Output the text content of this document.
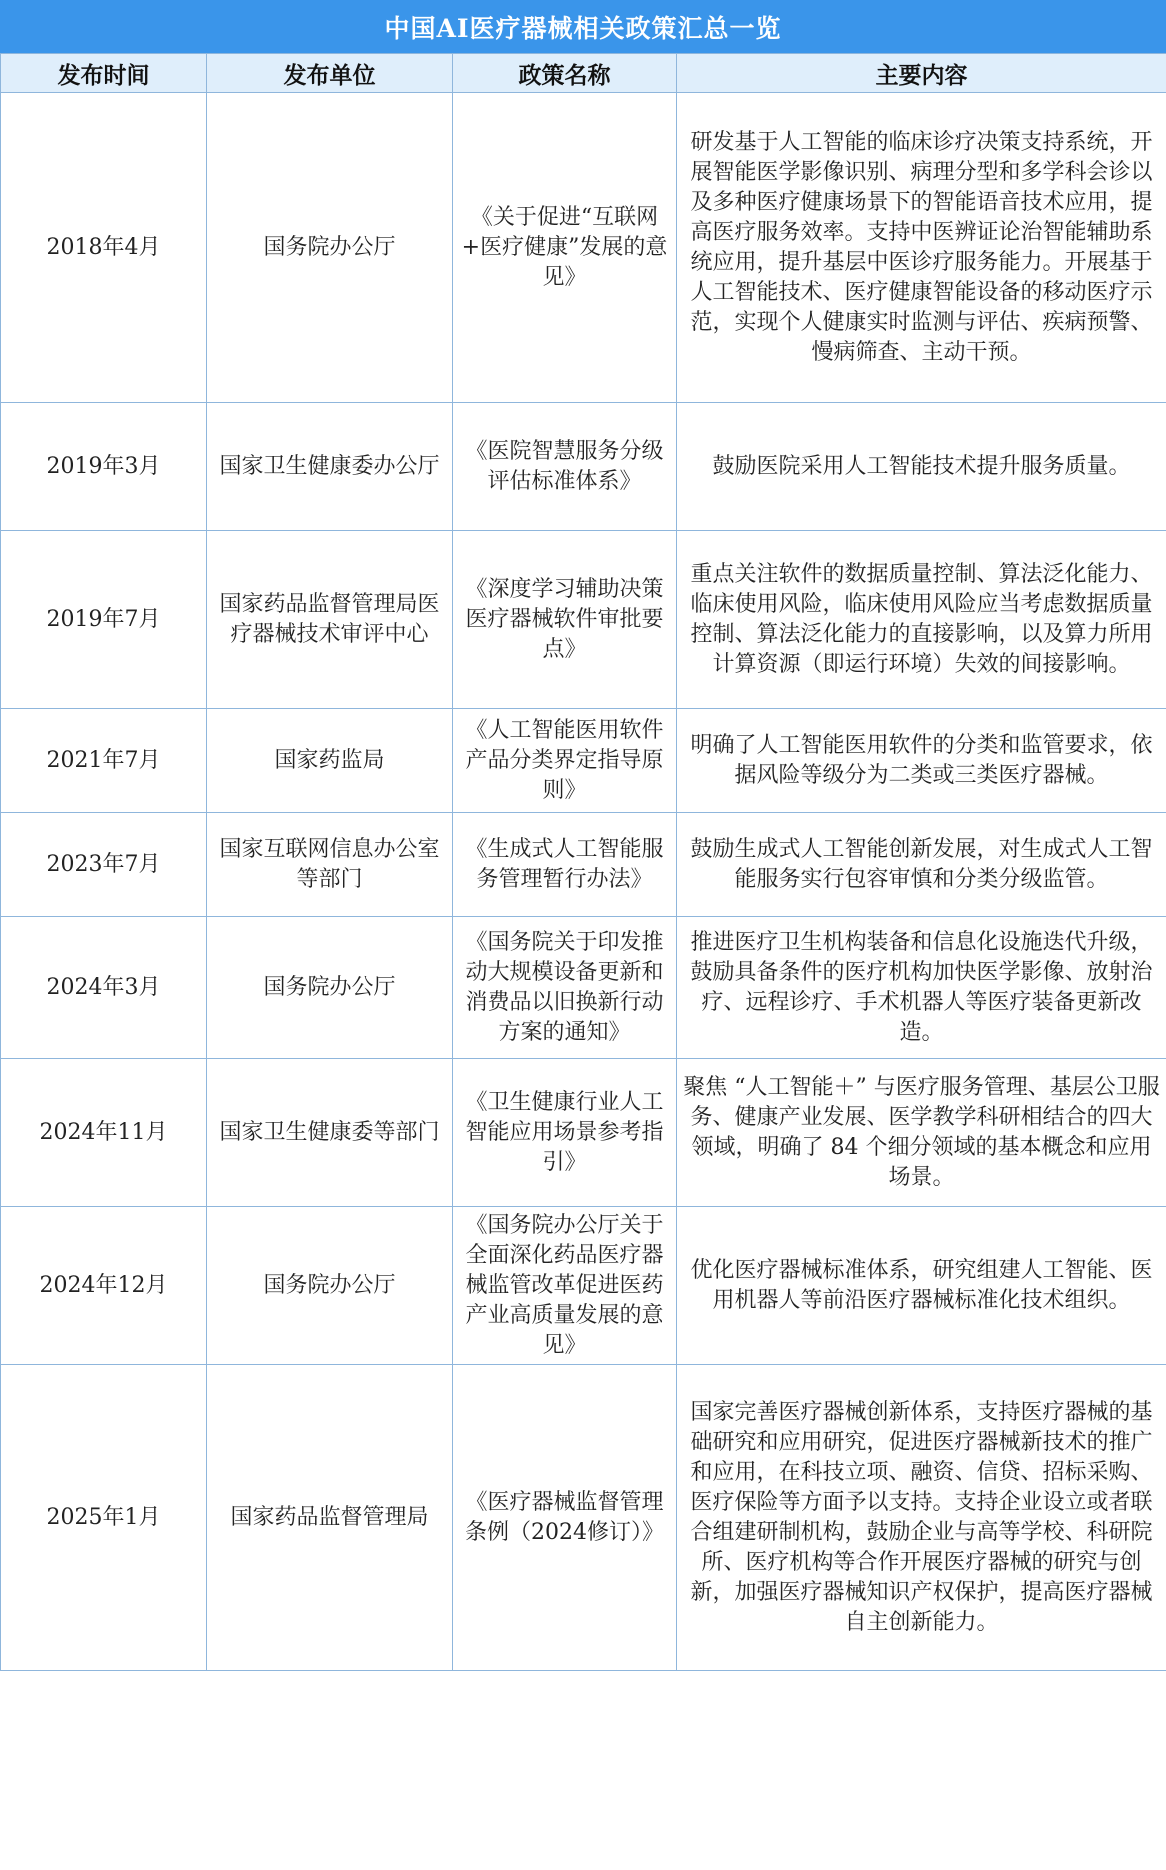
中国AI医疗器械相关政策汇总一览
发布时间	发布单位	政策名称	主要内容
2018年4月	国务院办公厅	《关于促进“互联网+医疗健康”发展的意见》	研发基于人工智能的临床诊疗决策支持系统，开展智能医学影像识别、病理分型和多学科会诊以及多种医疗健康场景下的智能语音技术应用，提高医疗服务效率。支持中医辨证论治智能辅助系统应用，提升基层中医诊疗服务能力。开展基于人工智能技术、医疗健康智能设备的移动医疗示范，实现个人健康实时监测与评估、疾病预警、慢病筛查、主动干预。
2019年3月	国家卫生健康委办公厅	《医院智慧服务分级评估标准体系》	鼓励医院采用人工智能技术提升服务质量。
2019年7月	国家药品监督管理局医疗器械技术审评中心	《深度学习辅助决策医疗器械软件审批要点》	重点关注软件的数据质量控制、算法泛化能力、临床使用风险，临床使用风险应当考虑数据质量控制、算法泛化能力的直接影响，以及算力所用计算资源（即运行环境）失效的间接影响。
2021年7月	国家药监局	《人工智能医用软件产品分类界定指导原则》	明确了人工智能医用软件的分类和监管要求，依据风险等级分为二类或三类医疗器械。
2023年7月	国家互联网信息办公室等部门	《生成式人工智能服务管理暂行办法》	鼓励生成式人工智能创新发展，对生成式人工智能服务实行包容审慎和分类分级监管。
2024年3月	国务院办公厅	《国务院关于印发推动大规模设备更新和消费品以旧换新行动方案的通知》	推进医疗卫生机构装备和信息化设施迭代升级，鼓励具备条件的医疗机构加快医学影像、放射治疗、远程诊疗、手术机器人等医疗装备更新改造。
2024年11月	国家卫生健康委等部门	《卫生健康行业人工智能应用场景参考指引》	聚焦 “人工智能＋” 与医疗服务管理、基层公卫服务、健康产业发展、医学教学科研相结合的四大领域，明确了 84 个细分领域的基本概念和应用场景。
2024年12月	国务院办公厅	《国务院办公厅关于全面深化药品医疗器械监管改革促进医药产业高质量发展的意见》	优化医疗器械标准体系，研究组建人工智能、医用机器人等前沿医疗器械标准化技术组织。
2025年1月	国家药品监督管理局	《医疗器械监督管理条例（2024修订）》	国家完善医疗器械创新体系，支持医疗器械的基础研究和应用研究，促进医疗器械新技术的推广和应用，在科技立项、融资、信贷、招标采购、医疗保险等方面予以支持。支持企业设立或者联合组建研制机构，鼓励企业与高等学校、科研院所、医疗机构等合作开展医疗器械的研究与创新，加强医疗器械知识产权保护，提高医疗器械自主创新能力。
